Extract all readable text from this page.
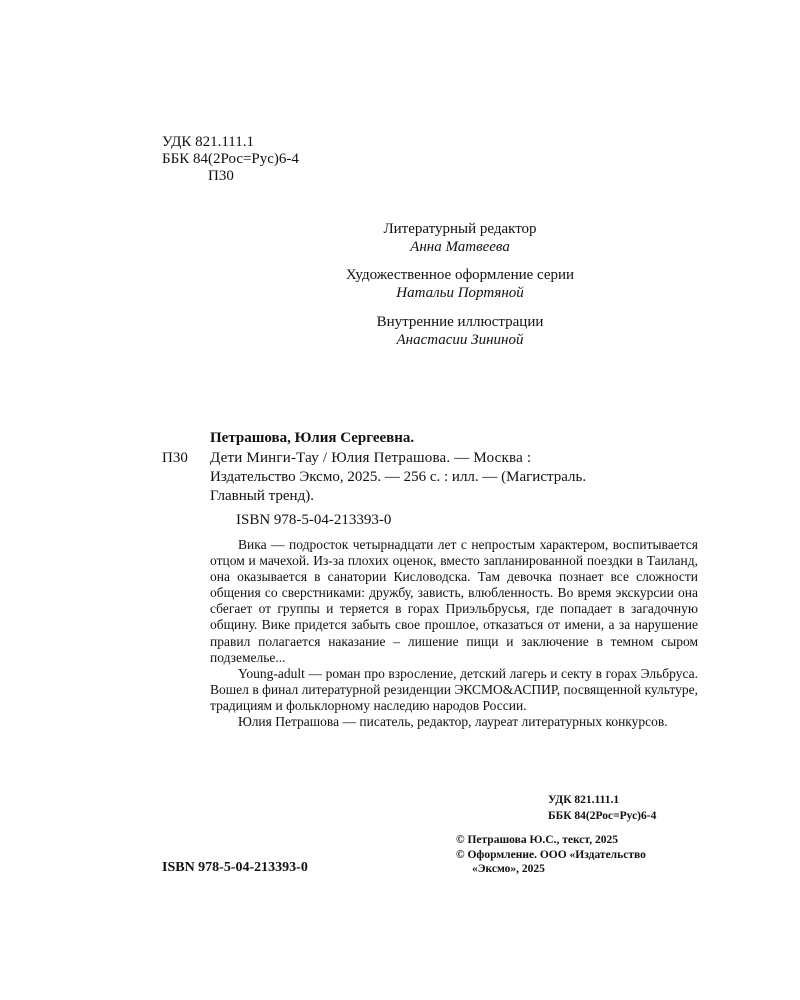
УДК 821.111.1
ББК 84(2Рос=Рус)6-4
П30
Литературный редактор
Анна Матвеева
Художественное оформление серии
Натальи Портяной
Внутренние иллюстрации
Анастасии Зининой
Петрашова, Юлия Сергеевна.
П30 Дети Минги-Тау / Юлия Петрашова. — Москва :
Издательство Эксмо, 2025. — 256 с. : илл. — (Магистраль.
Главный тренд).
ISBN 978-5-04-213393-0

Вика — подросток четырнадцати лет с непростым характером, воспитывается отцом и мачехой. Из-за плохих оценок, вместо запланированной поездки в Таиланд, она оказывается в санатории Кисловодска. Там девочка познает все сложности общения со сверстниками: дружбу, зависть, влюбленность. Во время экскурсии она сбегает от группы и теряется в горах Приэльбрусья, где попадает в загадочную общину. Вике придется забыть свое прошлое, отказаться от имени, а за нарушение правил полагается наказание – лишение пищи и заключение в темном сыром подземелье...

Young-adult — роман про взросление, детский лагерь и секту в горах Эльбруса. Вошел в финал литературной резиденции ЭКСМО&АСПИР, посвященной культуре, традициям и фольклорному наследию народов России.

Юлия Петрашова — писатель, редактор, лауреат литературных конкурсов.

УДК 821.111.1
ББК 84(2Рос=Рус)6-4
© Петрашова Ю.С., текст, 2025
© Оформление. ООО «Издательство
«Эксмо», 2025
ISBN 978-5-04-213393-0
